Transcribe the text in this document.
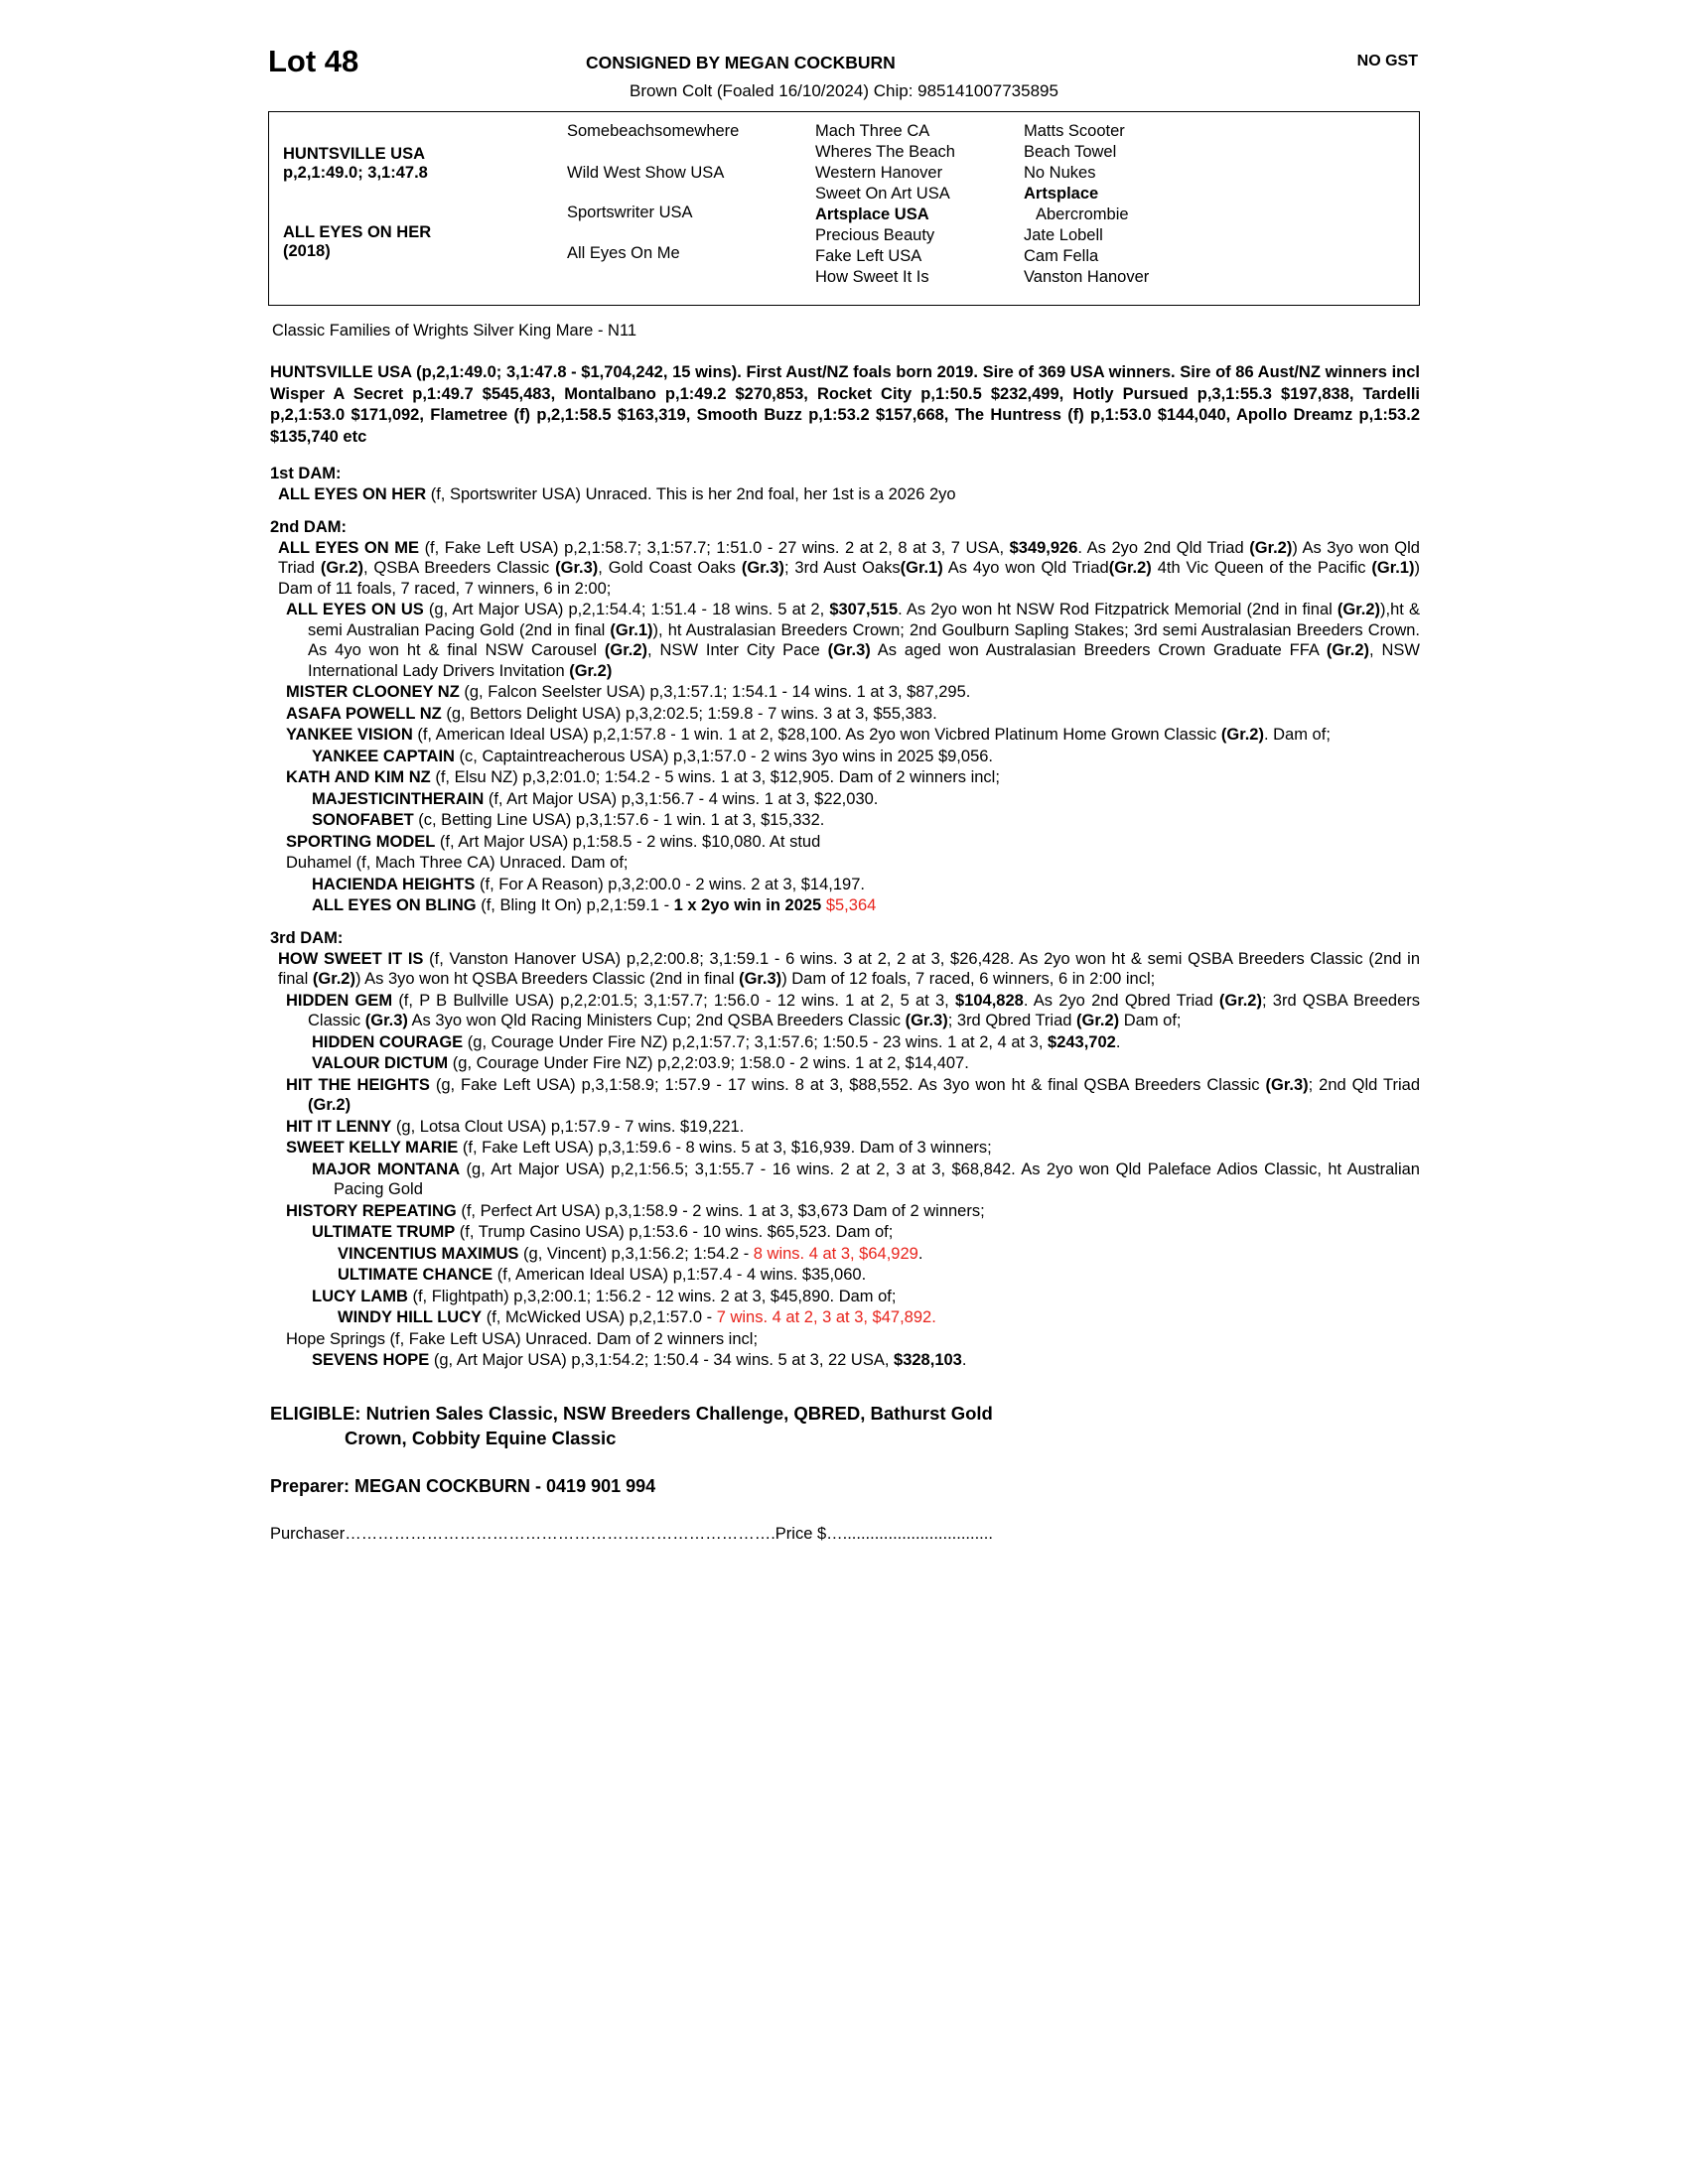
Lot 48	CONSIGNED BY MEGAN COCKBURN	NO GST
Brown Colt (Foaled 16/10/2024) Chip: 985141007735895
HUNTSVILLE USA
p,2,1:49.0; 3,1:47.8
ALL EYES ON HER
(2018)
Somebeachsomewhere
Wild West Show USA
Sportswriter USA
All Eyes On Me
Mach Three CA
Wheres The Beach
Western Hanover
Sweet On Art USA
Artsplace USA
Precious Beauty
Fake Left USA
How Sweet It Is
Matts Scooter
Beach Towel
No Nukes
Artsplace
Abercrombie
Jate Lobell
Cam Fella
Vanston Hanover
Classic Families of Wrights Silver King Mare - N11
HUNTSVILLE USA (p,2,1:49.0; 3,1:47.8 - $1,704,242, 15 wins). First Aust/NZ foals born 2019. Sire of 369 USA winners. Sire of 86 Aust/NZ winners incl Wisper A Secret p,1:49.7 $545,483, Montalbano p,1:49.2 $270,853, Rocket City p,1:50.5 $232,499, Hotly Pursued p,3,1:55.3 $197,838, Tardelli p,2,1:53.0 $171,092, Flametree (f) p,2,1:58.5 $163,319, Smooth Buzz p,1:53.2 $157,668, The Huntress (f) p,1:53.0 $144,040, Apollo Dreamz p,1:53.2 $135,740 etc
1st DAM:
ALL EYES ON HER (f, Sportswriter USA) Unraced. This is her 2nd foal, her 1st is a 2026 2yo
2nd DAM:
ALL EYES ON ME (f, Fake Left USA) p,2,1:58.7; 3,1:57.7; 1:51.0 - 27 wins. 2 at 2, 8 at 3, 7 USA, $349,926. As 2yo 2nd Qld Triad (Gr.2)) As 3yo won Qld Triad (Gr.2), QSBA Breeders Classic (Gr.3), Gold Coast Oaks (Gr.3); 3rd Aust Oaks(Gr.1) As 4yo won Qld Triad(Gr.2) 4th Vic Queen of the Pacific (Gr.1)) Dam of 11 foals, 7 raced, 7 winners, 6 in 2:00;
ALL EYES ON US (g, Art Major USA) p,2,1:54.4; 1:51.4 - 18 wins. 5 at 2, $307,515. As 2yo won ht NSW Rod Fitzpatrick Memorial (2nd in final (Gr.2)),ht & semi Australian Pacing Gold (2nd in final (Gr.1)), ht Australasian Breeders Crown; 2nd Goulburn Sapling Stakes; 3rd semi Australasian Breeders Crown. As 4yo won ht & final NSW Carousel (Gr.2), NSW Inter City Pace (Gr.3) As aged won Australasian Breeders Crown Graduate FFA (Gr.2), NSW International Lady Drivers Invitation (Gr.2)
MISTER CLOONEY NZ (g, Falcon Seelster USA) p,3,1:57.1; 1:54.1 - 14 wins. 1 at 3, $87,295.
ASAFA POWELL NZ (g, Bettors Delight USA) p,3,2:02.5; 1:59.8 - 7 wins. 3 at 3, $55,383.
YANKEE VISION (f, American Ideal USA) p,2,1:57.8 - 1 win. 1 at 2, $28,100. As 2yo won Vicbred Platinum Home Grown Classic (Gr.2). Dam of;
YANKEE CAPTAIN (c, Captaintreacherous USA) p,3,1:57.0 - 2 wins 3yo wins in 2025 $9,056.
KATH AND KIM NZ (f, Elsu NZ) p,3,2:01.0; 1:54.2 - 5 wins. 1 at 3, $12,905. Dam of 2 winners incl;
MAJESTICINTHERAIN (f, Art Major USA) p,3,1:56.7 - 4 wins. 1 at 3, $22,030.
SONOFABET (c, Betting Line USA) p,3,1:57.6 - 1 win. 1 at 3, $15,332.
SPORTING MODEL (f, Art Major USA) p,1:58.5 - 2 wins. $10,080. At stud
Duhamel (f, Mach Three CA) Unraced. Dam of;
HACIENDA HEIGHTS (f, For A Reason) p,3,2:00.0 - 2 wins. 2 at 3, $14,197.
ALL EYES ON BLING (f, Bling It On) p,2,1:59.1 - 1 x 2yo win in 2025 $5,364
3rd DAM:
HOW SWEET IT IS (f, Vanston Hanover USA) p,2,2:00.8; 3,1:59.1 - 6 wins. 3 at 2, 2 at 3, $26,428. As 2yo won ht & semi QSBA Breeders Classic (2nd in final (Gr.2)) As 3yo won ht QSBA Breeders Classic (2nd in final (Gr.3)) Dam of 12 foals, 7 raced, 6 winners, 6 in 2:00 incl;
HIDDEN GEM (f, P B Bullville USA) p,2,2:01.5; 3,1:57.7; 1:56.0 - 12 wins. 1 at 2, 5 at 3, $104,828. As 2yo 2nd Qbred Triad (Gr.2); 3rd QSBA Breeders Classic (Gr.3) As 3yo won Qld Racing Ministers Cup; 2nd QSBA Breeders Classic (Gr.3); 3rd Qbred Triad (Gr.2) Dam of;
HIDDEN COURAGE (g, Courage Under Fire NZ) p,2,1:57.7; 3,1:57.6; 1:50.5 - 23 wins. 1 at 2, 4 at 3, $243,702.
VALOUR DICTUM (g, Courage Under Fire NZ) p,2,2:03.9; 1:58.0 - 2 wins. 1 at 2, $14,407.
HIT THE HEIGHTS (g, Fake Left USA) p,3,1:58.9; 1:57.9 - 17 wins. 8 at 3, $88,552. As 3yo won ht & final QSBA Breeders Classic (Gr.3); 2nd Qld Triad (Gr.2)
HIT IT LENNY (g, Lotsa Clout USA) p,1:57.9 - 7 wins. $19,221.
SWEET KELLY MARIE (f, Fake Left USA) p,3,1:59.6 - 8 wins. 5 at 3, $16,939. Dam of 3 winners;
MAJOR MONTANA (g, Art Major USA) p,2,1:56.5; 3,1:55.7 - 16 wins. 2 at 2, 3 at 3, $68,842. As 2yo won Qld Paleface Adios Classic, ht Australian Pacing Gold
HISTORY REPEATING (f, Perfect Art USA) p,3,1:58.9 - 2 wins. 1 at 3, $3,673 Dam of 2 winners;
ULTIMATE TRUMP (f, Trump Casino USA) p,1:53.6 - 10 wins. $65,523. Dam of;
VINCENTIUS MAXIMUS (g, Vincent) p,3,1:56.2; 1:54.2 - 8 wins. 4 at 3, $64,929.
ULTIMATE CHANCE (f, American Ideal USA) p,1:57.4 - 4 wins. $35,060.
LUCY LAMB (f, Flightpath) p,3,2:00.1; 1:56.2 - 12 wins. 2 at 3, $45,890. Dam of;
WINDY HILL LUCY (f, McWicked USA) p,2,1:57.0 - 7 wins. 4 at 2, 3 at 3, $47,892.
Hope Springs (f, Fake Left USA) Unraced. Dam of 2 winners incl;
SEVENS HOPE (g, Art Major USA) p,3,1:54.2; 1:50.4 - 34 wins. 5 at 3, 22 USA, $328,103.
ELIGIBLE: Nutrien Sales Classic, NSW Breeders Challenge, QBRED, Bathurst Gold
Crown, Cobbity Equine Classic
Preparer: MEGAN COCKBURN - 0419 901 994
Purchaser…………………………………………………………………….Price $….................................
